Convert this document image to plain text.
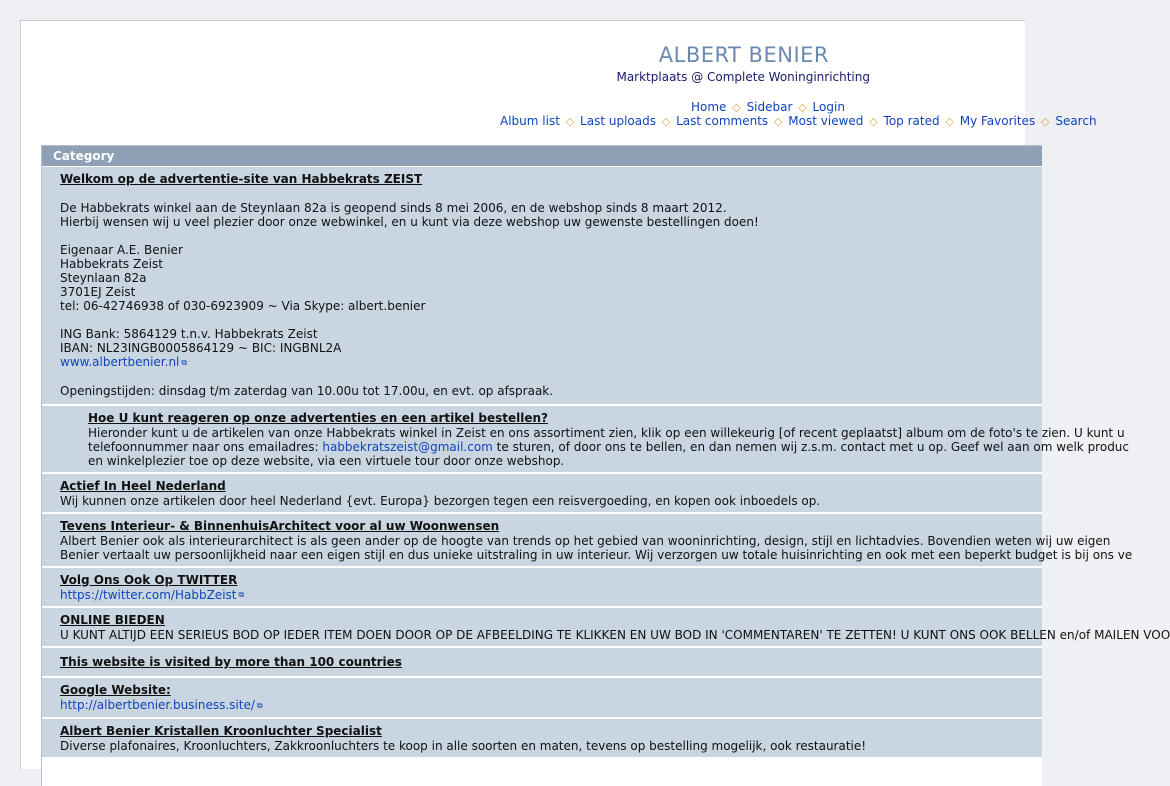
ALBERT BENIER
Marktplaats @ Complete Woninginrichting
Home ◇ Sidebar ◇ Login
Album list ◇ Last uploads ◇ Last comments ◇ Most viewed ◇ Top rated ◇ My Favorites ◇ Search
Category
Welkom op de advertentie-site van Habbekrats ZEIST
De Habbekrats winkel aan de Steynlaan 82a is geopend sinds 8 mei 2006, en de webshop sinds 8 maart 2012.
Hierbij wensen wij u veel plezier door onze webwinkel, en u kunt via deze webshop uw gewenste bestellingen doen!
Eigenaar A.E. Benier
Habbekrats Zeist
Steynlaan 82a
3701EJ Zeist
tel: 06-42746938 of 030-6923909 ~ Via Skype: albert.benier
ING Bank: 5864129 t.n.v. Habbekrats Zeist
IBAN: NL23INGB0005864129 ~ BIC: INGBNL2A
www.albertbenier.nl ⧉
Openingstijden: dinsdag t/m zaterdag van 10.00u tot 17.00u, en evt. op afspraak.
Hoe U kunt reageren op onze advertenties en een artikel bestellen?
Hieronder kunt u de artikelen van onze Habbekrats winkel in Zeist en ons assortiment zien, klik op een willekeurig [of recent geplaatst] album om de foto's te zien. U kunt u
telefoonnummer naar ons emailadres: habbekratszeist@gmail.com te sturen, of door ons te bellen, en dan nemen wij z.s.m. contact met u op. Geef wel aan om welk produc
en winkelplezier toe op deze website, via een virtuele tour door onze webshop.
Actief In Heel Nederland
Wij kunnen onze artikelen door heel Nederland {evt. Europa} bezorgen tegen een reisvergoeding, en kopen ook inboedels op.
Tevens Interieur- & BinnenhuisArchitect voor al uw Woonwensen
Albert Benier ook als interieurarchitect is als geen ander op de hoogte van trends op het gebied van wooninrichting, design, stijl en lichtadvies. Bovendien weten wij uw eigen
Benier vertaalt uw persoonlijkheid naar een eigen stijl en dus unieke uitstraling in uw interieur. Wij verzorgen uw totale huisinrichting en ook met een beperkt budget is bij ons ve
Volg Ons Ook Op TWITTER
https://twitter.com/HabbZeist ⧉
ONLINE BIEDEN
U KUNT ALTIJD EEN SERIEUS BOD OP IEDER ITEM DOEN DOOR OP DE AFBEELDING TE KLIKKEN EN UW BOD IN 'COMMENTAREN' TE ZETTEN! U KUNT ONS OOK BELLEN en/of MAILEN VOO
This website is visited by more than 100 countries
Google Website:
http://albertbenier.business.site/ ⧉
Albert Benier Kristallen Kroonluchter Specialist
Diverse plafonaires, Kroonluchters, Zakkroonluchters te koop in alle soorten en maten, tevens op bestelling mogelijk, ook restauratie!
